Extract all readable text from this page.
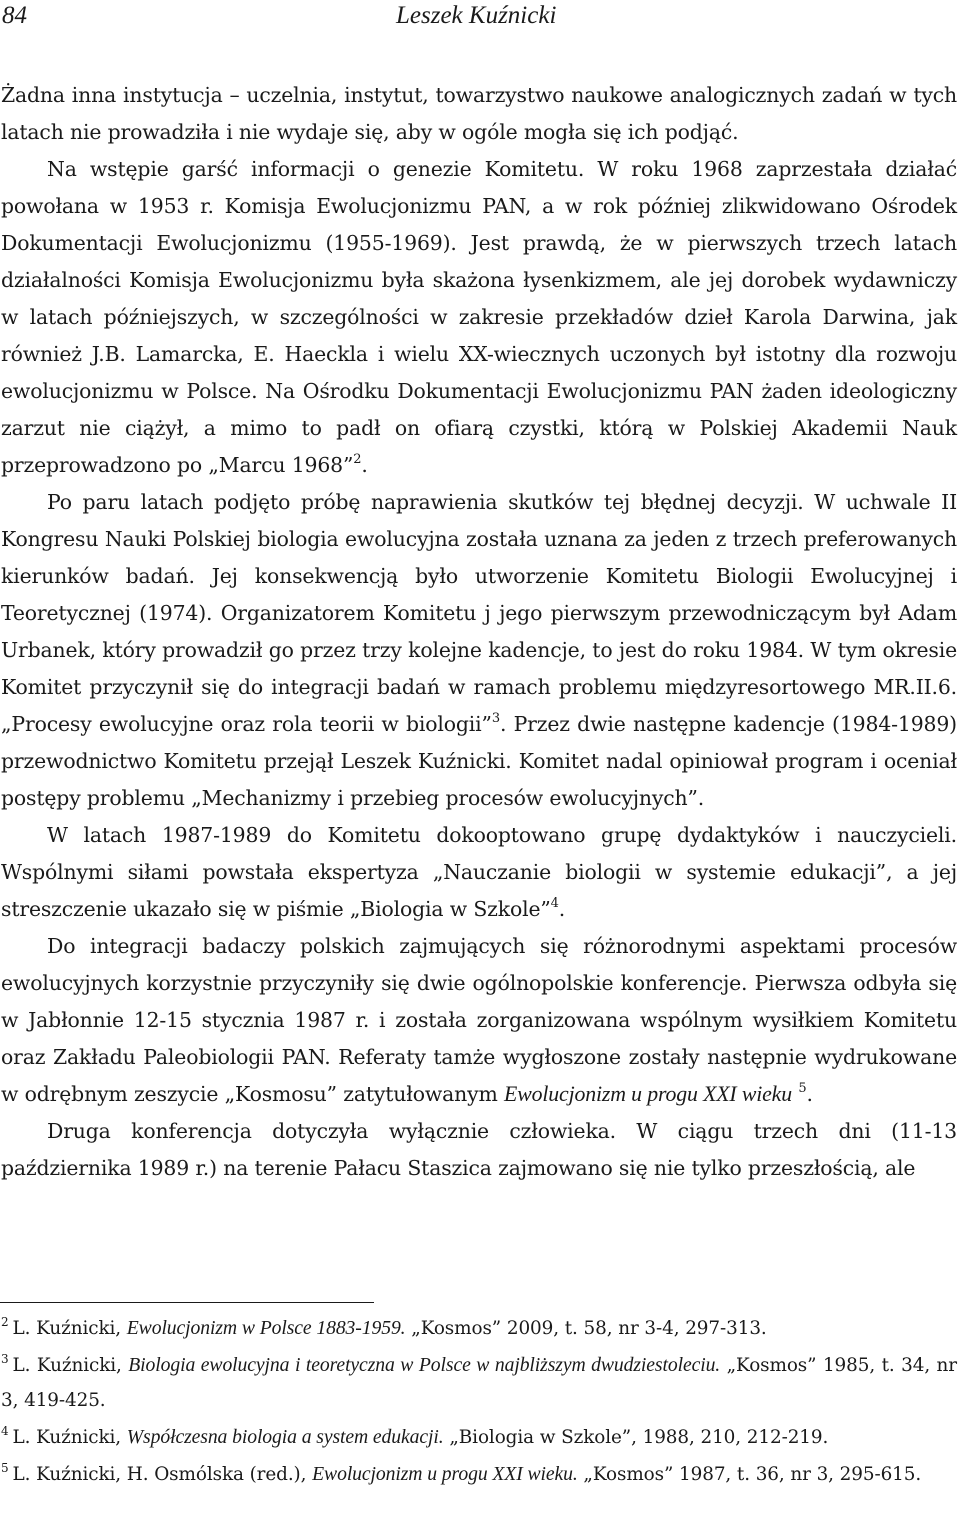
84	Leszek Kuźnicki

Żadna inna instytucja – uczelnia, instytut, towarzystwo naukowe analogicznych zadań w tych latach nie prowadziła i nie wydaje się, aby w ogóle mogła się ich podjąć.

Na wstępie garść informacji o genezie Komitetu. W roku 1968 zaprzestała działać powołana w 1953 r. Komisja Ewolucjonizmu PAN, a w rok później zlikwidowano Ośrodek Dokumentacji Ewolucjonizmu (1955-1969). Jest prawdą, że w pierwszych trzech latach działalności Komisja Ewolucjonizmu była skażona łysenkizmem, ale jej dorobek wydawniczy w latach późniejszych, w szczególności w zakresie przekładów dzieł Karola Darwina, jak również J.B. Lamarcka, E. Haeckla i wielu XX-wiecznych uczonych był istotny dla rozwoju ewolucjonizmu w Polsce. Na Ośrodku Dokumentacji Ewolucjonizmu PAN żaden ideologiczny zarzut nie ciążył, a mimo to padł on ofiarą czystki, którą w Polskiej Akademii Nauk przeprowadzono po „Marcu 1968”$^2$.

Po paru latach podjęto próbę naprawienia skutków tej błędnej decyzji. W uchwale II Kongresu Nauki Polskiej biologia ewolucyjna została uznana za jeden z trzech preferowanych kierunków badań. Jej konsekwencją było utworzenie Komitetu Biologii Ewolucyjnej i Teoretycznej (1974). Organizatorem Komitetu j jego pierwszym przewodniczącym był Adam Urbanek, który prowadził go przez trzy kolejne kadencje, to jest do roku 1984. W tym okresie Komitet przyczynił się do integracji badań w ramach problemu międzyresortowego MR.II.6. „Procesy ewolucyjne oraz rola teorii w biologii”$^3$. Przez dwie następne kadencje (1984-1989) przewodnictwo Komitetu przejął Leszek Kuźnicki. Komitet nadal opiniował program i oceniał postępy problemu „Mechanizmy i przebieg procesów ewolucyjnych”.

W latach 1987-1989 do Komitetu dokooptowano grupę dydaktyków i nauczycieli. Wspólnymi siłami powstała ekspertyza „Nauczanie biologii w systemie edukacji”, a jej streszczenie ukazało się w piśmie „Biologia w Szkole”$^4$.

Do integracji badaczy polskich zajmujących się różnorodnymi aspektami procesów ewolucyjnych korzystnie przyczyniły się dwie ogólnopolskie konferencje. Pierwsza odbyła się w Jabłonnie 12-15 stycznia 1987 r. i została zorganizowana wspólnym wysiłkiem Komitetu oraz Zakładu Paleobiologii PAN. Referaty tamże wygłoszone zostały następnie wydrukowane w odrębnym zeszycie „Kosmosu” zatytułowanym Ewolucjonizm u progu XXI wieku $^5$.

Druga konferencja dotyczyła wyłącznie człowieka. W ciągu trzech dni (11-13 października 1989 r.) na terenie Pałacu Staszica zajmowano się nie tylko przeszłością, ale

$^2$ L. Kuźnicki, Ewolucjonizm w Polsce 1883-1959. „Kosmos” 2009, t. 58, nr 3-4, 297-313.

$^3$ L. Kuźnicki, Biologia ewolucyjna i teoretyczna w Polsce w najbliższym dwudziestoleciu. „Kosmos” 1985, t. 34, nr 3, 419-425.

$^4$ L. Kuźnicki, Współczesna biologia a system edukacji. „Biologia w Szkole”, 1988, 210, 212-219.

$^5$ L. Kuźnicki, H. Osmólska (red.), Ewolucjonizm u progu XXI wieku. „Kosmos” 1987, t. 36, nr 3, 295-615.
